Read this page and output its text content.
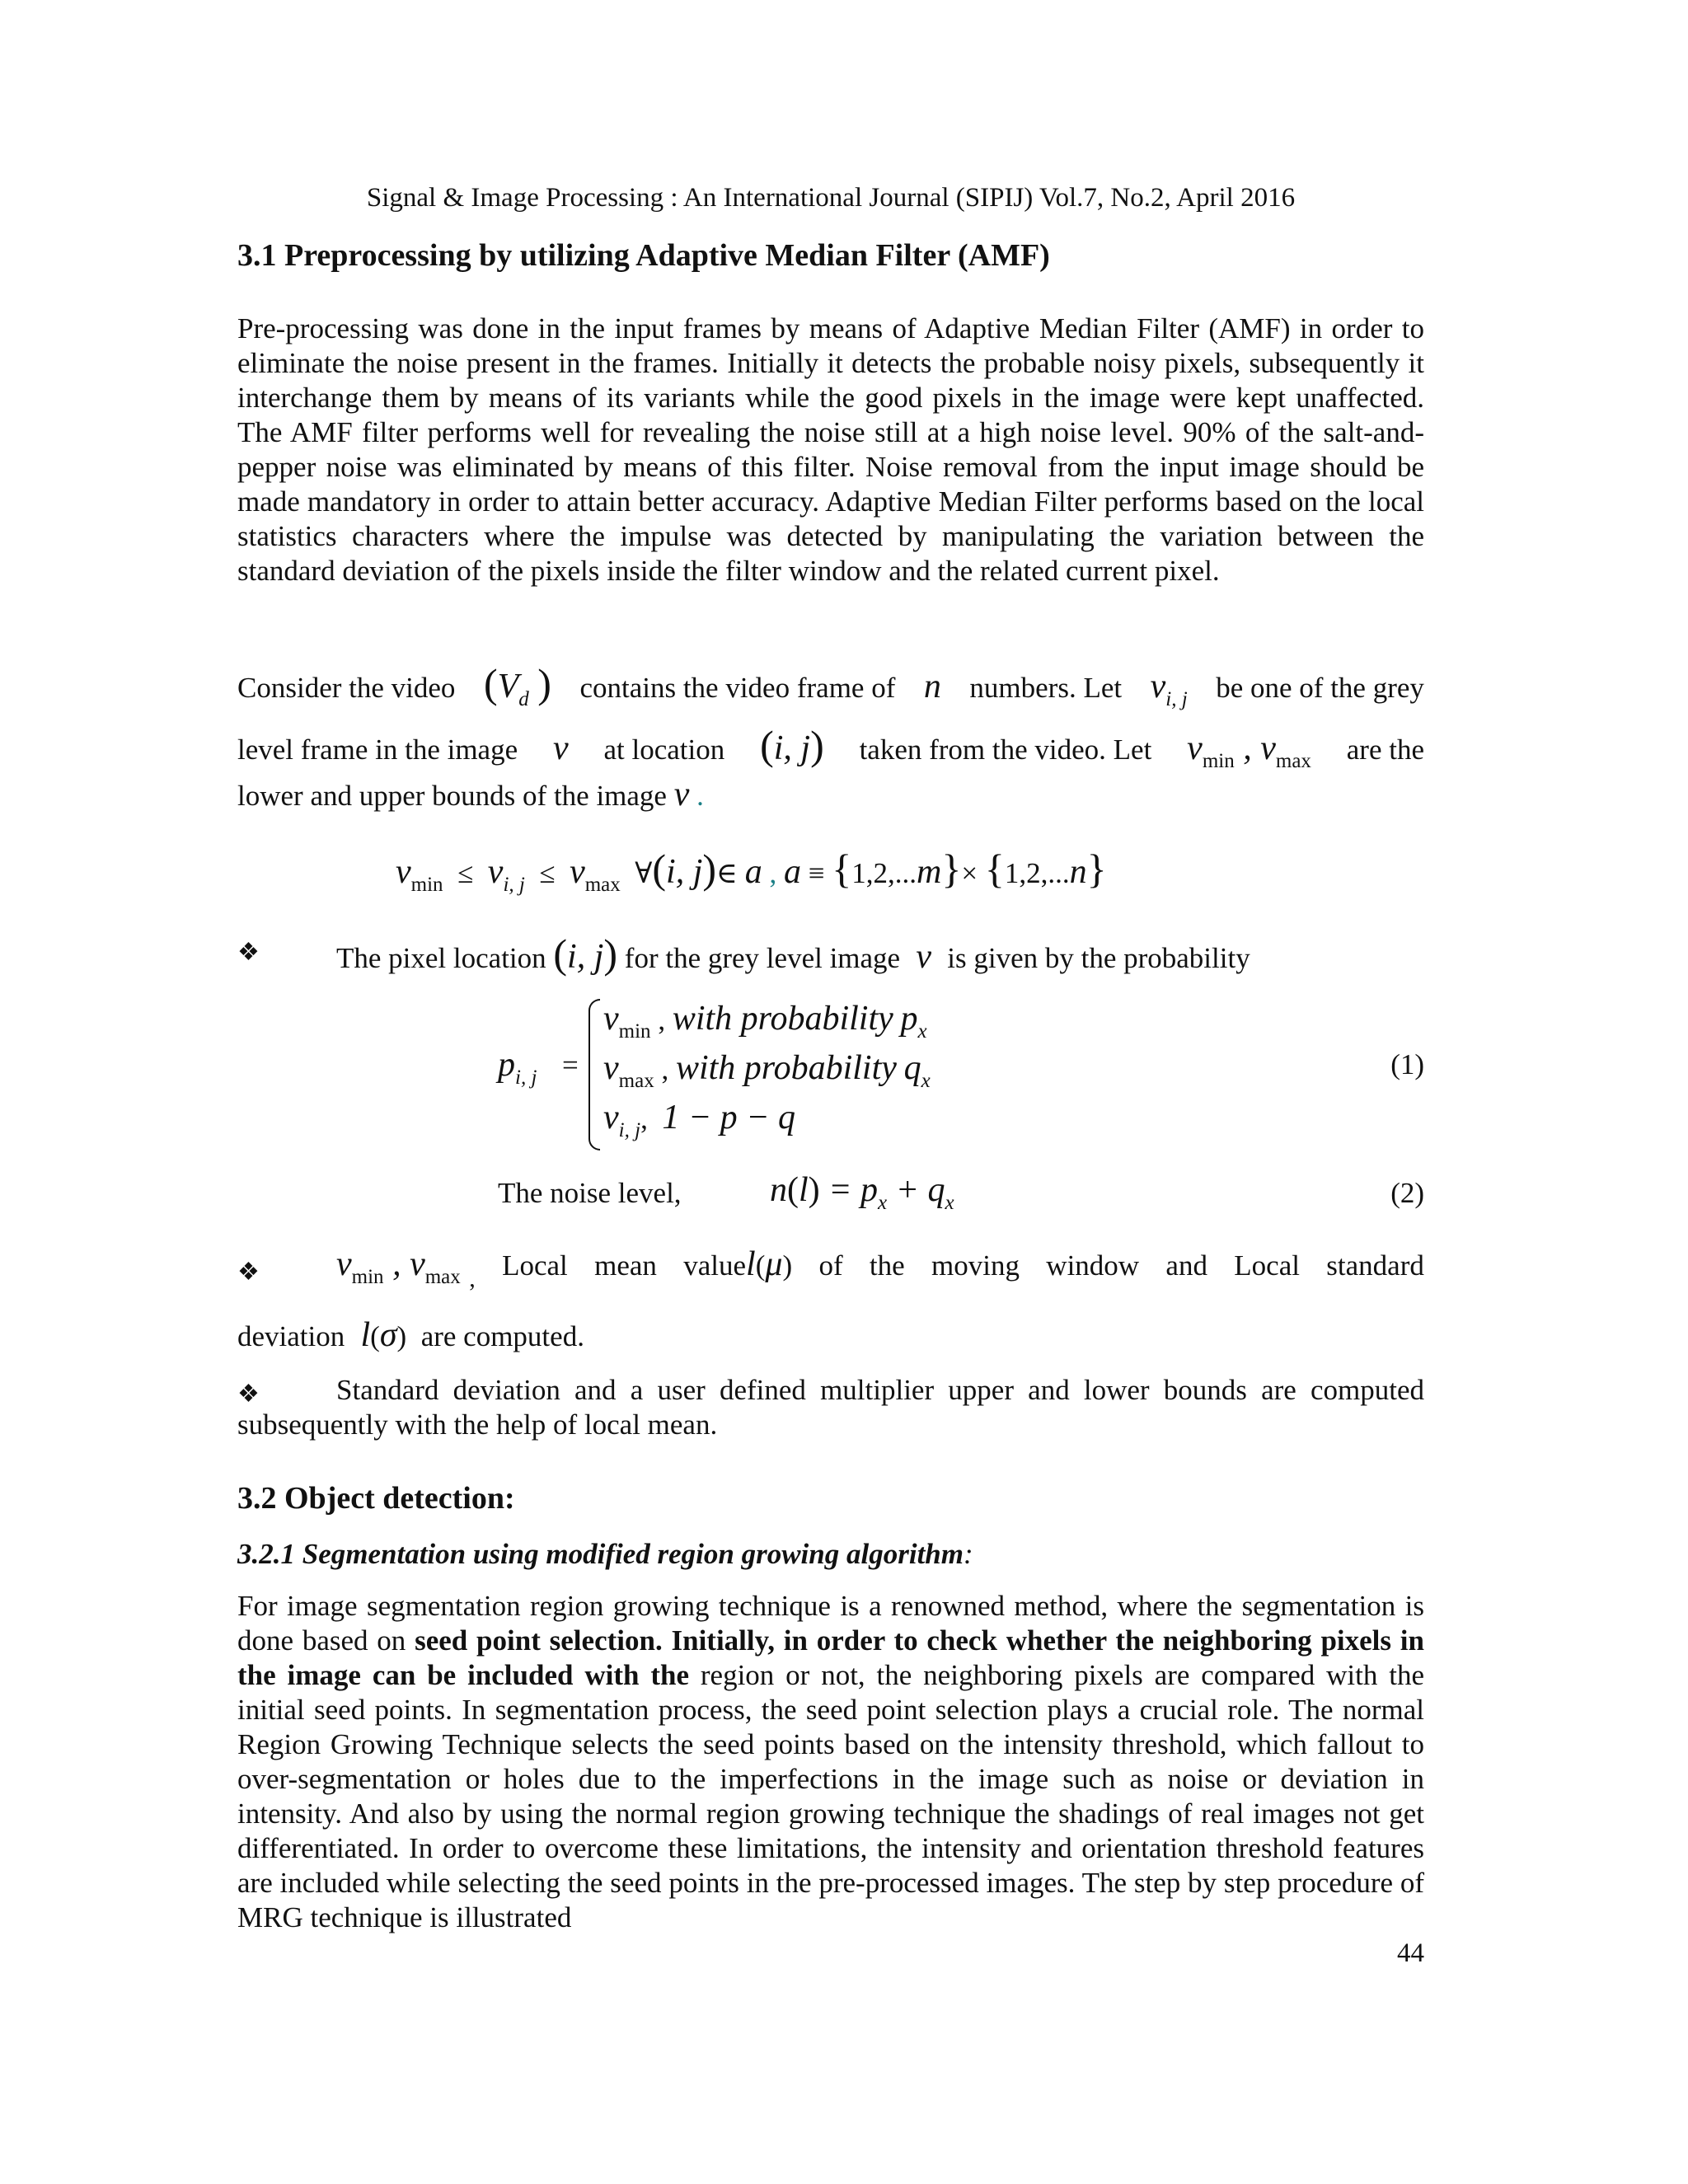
Signal & Image Processing : An International Journal (SIPIJ) Vol.7, No.2, April 2016
3.1 Preprocessing by utilizing Adaptive Median Filter (AMF)
Pre-processing was done in the input frames by means of Adaptive Median Filter (AMF) in order to eliminate the noise present in the frames. Initially it detects the probable noisy pixels, subsequently it interchange them by means of its variants while the good pixels in the image were kept unaffected. The AMF filter performs well for revealing the noise still at a high noise level. 90% of the salt-and-pepper noise was eliminated by means of this filter. Noise removal from the input image should be made mandatory in order to attain better accuracy. Adaptive Median Filter performs based on the local statistics characters where the impulse was detected by manipulating the variation between the standard deviation of the pixels inside the filter window and the related current pixel.
Consider the video ($V_d$ ) contains the video frame of n numbers. Let $v_{i, j}$ be one of the grey
level frame in the image v at location (i, j) taken from the video. Let $v_{min}$ , $v_{max}$ are the
lower and upper bounds of the image v .
$v_{min} \le v_{i, j} \le v_{max}$  ∀(i, j)∈ a , a ≡ {1,2,...m}× {1,2,...n}
❖	The pixel location (i, j) for the grey level image  v  is given by the probability
$p_{i, j}$ =
$v_{min}$ , with probability $p_x$
$v_{max}$ , with probability $q_x$
$v_{i, j}$,  1 − p − q
(1)
The noise level,	$n(l) = p_x + q_x$	(2)
❖ $v_{min}$ , $v_{max}$ $_,$ Local mean valuel(μ) of the moving window and Local standard
deviation  l(σ)  are computed.
❖	Standard deviation and a user defined multiplier upper and lower bounds are computed subsequently with the help of local mean.
3.2 Object detection:
3.2.1 Segmentation using modified region growing algorithm:
For image segmentation region growing technique is a renowned method, where the segmentation is done based on seed point selection. Initially, in order to check whether the neighboring pixels in the image can be included with the region or not, the neighboring pixels are compared with the initial seed points. In segmentation process, the seed point selection plays a crucial role. The normal Region Growing Technique selects the seed points based on the intensity threshold, which fallout to over-segmentation or holes due to the imperfections in the image such as noise or deviation in intensity. And also by using the normal region growing technique the shadings of real images not get differentiated. In order to overcome these limitations, the intensity and orientation threshold features are included while selecting the seed points in the pre-processed images. The step by step procedure of MRG technique is illustrated
44
